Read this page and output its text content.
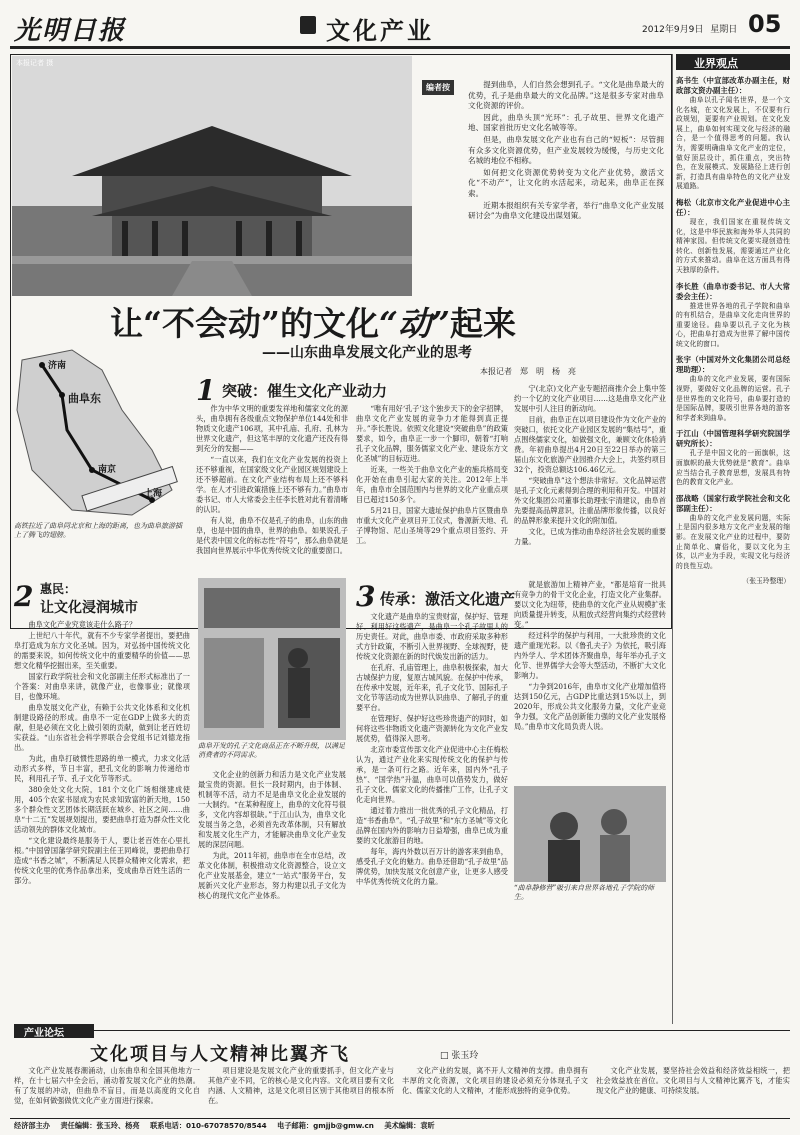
光明日报	文化产业	2012年9月9日 星期日 05
本报记者 摄
编者按	提到曲阜，人们自然会想到孔子。“文化是曲阜最大的优势，孔子是曲阜最大的文化品牌。”这是很多专家对曲阜文化资源的评价。

因此，曲阜头顶“光环”：孔子故里、世界文化遗产地、国家首批历史文化名城等等。

但是，曲阜发展文化产业也有自己的“短板”：尽管拥有众多文化资源优势，但产业发展较为缓慢，与历史文化名城的地位不相称。

如何把文化资源优势转变为文化产业优势，激活文化“不动产”，让文化的水活起来，动起来，曲阜正在探索。

近期本报组织有关专家学者，举行“曲阜文化产业发展研讨会”为曲阜文化建设出谋划策。

让“不会动”的文化“动”起来
——山东曲阜发展文化产业的思考
本报记者　郑　明　杨　亮
济南
曲阜东
南京
上海
高铁拉近了曲阜同北京和上海的距离，也为曲阜旅游插上了腾飞的翅膀。
1 突破：催生文化产业动力

作为中华文明的重要发祥地和儒家文化的源头，曲阜拥有各级重点文物保护单位144处和非物质文化遗产106项，其中孔庙、孔府、孔林为世界文化遗产，但这笔丰厚的文化遗产还没有得到充分的发掘——

“一直以来，我们在文化产业发展的投资上还不够重视，在国家级文化产业园区规划建设上还不够超前。在文化产业结构布局上还不够科学。在人才引进政策措施上还不够有力。”曲阜市委书记、市人大常委会主任李长胜对此有着清晰的认识。

有人说，曲阜不仅是孔子的曲阜，山东的曲阜，也是中国的曲阜，世界的曲阜。如果说孔子是代表中国文化的标志性“符号”，那么曲阜就是我国向世界展示中华优秀传统文化的重要窗口。

“唯有用好‘孔子’这个独步天下的金字招牌，曲阜文化产业发展的竞争力才能得到真正提升。”李长胜说。依照文化建设“突破曲阜”的政策要求，如今，曲阜正一步一个脚印，朝着“打响孔子文化品牌，服务儒家文化产业、建设东方文化圣城”的目标迈进。

近来，一些关于曲阜文化产业的施兵格局变化开始在曲阜引起大家的关注。2012年上半年，曲阜市全国范围内与世界的文化产业重点项目已超过150多个。

5月21日，国家大遗址保护曲阜片区暨曲阜市重大文化产业项目开工仪式，鲁源新天地、孔子博物馆、尼山圣境等29个重点项目签约、开工。

宁(北京)文化产业专题招商推介会上集中签约一个亿的文化产业项目……这是曲阜文化产业发展中引人注目的新动向。

目前，曲阜正在以项目建设作为文化产业的突破口，依托文化产业园区发展的“集结号”，重点围绕儒家文化，如做强文化，兼顾文化体验消费。年初曲阜提出4月20日至22日举办的第三届山东文化旅游产业园推介大会上，共签约项目32个，投资总额达106.46亿元。

“突破曲阜”这个想法非常好。文化品牌运营是孔子文化元素得到合理的利用和开发。中国对外文化集团公司董事长助理张宇清建议，曲阜首先要提高品牌意识，注重品牌形象传播，以良好的品牌形象来提升文化的附加值。

文化，已成为推动曲阜经济社会发展的重要力量。

2 惠民：
让文化浸润城市

曲阜文化产业究竟该走什么路子？

上世纪八十年代，就有不少专家学者提出，要把曲阜打造成为东方文化圣城。因为，对弘扬中国传统文化的需要来说，如何传统文化中的重要精华的价值——思想文化精华挖掘出来，至关重要。

国家行政学院社会和文化部副主任形式标准出了一个答案：对曲阜来讲，就像产业，也像事业；就像项目，也像环境。

曲阜发展文化产业，有赖于公共文化体系和文化机制建设路径的形成。曲阜不一定在GDP上做多大的贡献，但是必须在文化上做引领的贡献，做到让老百姓切实获益。“山东省社会科学界联合会党组书记刘德龙指出。

为此，曲阜打破惯性思路的单一模式，力求文化活动形式多样，节日丰富，把孔文化的影响力传递给市民，利用孔子节、孔子文化节等形式。

380余处文化大院，181个文化广场相继建成使用，405个农家书屋成为农民求知致富的新天地，150多个群众性文艺团体长期活跃在城乡、社区之间……曲阜“十二五”发展规划提出，要把曲阜打造为群众性文化活动领先的群体文化城市。

“文化建设最终是服务于人，要让老百姓在心里扎根。”中国曾国藩学研究院副主任王同峰说，要把曲阜打造成“书香之城”，不断满足人民群众精神文化需求，把传统文化里的优秀作品拿出来，变成曲阜百姓生活的一部分。

曲阜开发的孔子文化商品正在不断升级，以满足消费者的不同需求。

文化企业的创新力和活力是文化产业发展最宝贵的资源。但长一段时期内，由于体制、机制等不活，动力不足是曲阜文化企业发展的一大制约。“在某种程度上，曲阜的文化符号很多，文化内容却很缺。”于江山认为，曲阜文化发展当务之急，必须首先改革体制，只有解放和发展文化生产力，才能解决曲阜文化产业发展的深层问题。

为此，2011年初，曲阜市在全市总结，改革文化体制，积极推动文化资源整合，设立文化产业发展基金，建立“一站式”服务平台，发展新兴文化产业形态，努力构建以孔子文化为核心的现代文化产业体系。

3 传承：激活文化遗产

文化遗产是曲阜的宝贵财富，保护好、管理好、利用好这些遗产，是曲阜一个孔子故里人的历史责任。对此，曲阜市委、市政府采取多种形式方针政策，不断引入世界视野、全球视野，使传统文化资源在新的时代焕发出新的活力。

在孔府、孔庙管理上，曲阜积极探索，加大古城保护力度，复原古城风貌。在保护中传承，在传承中发展，近年来，孔子文化节、国际孔子文化节等活动成为世界认识曲阜、了解孔子的重要平台。

在管理好、保护好这些珍贵遗产的同时，如何将这些非物质文化遗产资源转化为文化产业发展优势，值得深入思考。

北京市委宣传部文化产业促进中心主任梅松认为，通过产业化来实现传统文化的保护与传承，是一条可行之路。近年来，国内外“孔子热”、“国学热”升温，曲阜可以借势发力，做好孔子文化、儒家文化的传播推广工作，让孔子文化走向世界。

通过着力推出一批优秀的孔子文化精品，打造“书香曲阜”。“孔子故里”和“东方圣城”等文化品牌在国内外的影响力日益增强，曲阜已成为重要的文化旅游目的地。

每年，海内外数以百万计的游客来到曲阜，感受孔子文化的魅力。曲阜还借助“孔子故里”品牌优势，加快发展文化创意产业，让更多人感受中华优秀传统文化的力量。

就是旅游加上精神产业，“都是培育一批具有竞争力的骨干文化企业，打造文化产业集群。要以文化为纽带，使曲阜的文化产业从规模扩张向质量提升转变，从粗放式经营向集约式经营转变。”

经过科学的保护与利用，一大批珍贵的文化遗产重现光彩。以《鲁孔夫子》为依托，吸引海内外学人、学术团体齐聚曲阜，每年举办孔子文化节、世界儒学大会等大型活动，不断扩大文化影响力。

“力争到2016年，曲阜市文化产业增加值将达到150亿元，占GDP比重达到15%以上，到2020年，形成公共文化服务力量，文化产业竞争力强，文化产品创新能力强的文化产业发展格局。”曲阜市文化局负责人说。

“曲阜静修营”吸引来自世界各地孔子学院的师生。
业界观点
高书生（中宣部改革办副主任，财政部文资办副主任）：

曲阜以孔子闻名世界，是一个文化名城，在文化发展上，不仅要有行政规划，更要有产业规划。在文化发展上，曲阜如何实现文化与经济的融合，是一个值得思考的问题。我认为，需要明确曲阜文化产业的定位，做好顶层设计，抓住重点，突出特色，在发展模式、发展路径上进行创新，打造具有曲阜特色的文化产业发展道路。

梅松（北京市文化产业促进中心主任）：

现在，我们国家在重视传统文化，这是中华民族和海外华人共同的精神家园。但传统文化要实现创造性转化、创新性发展，需要通过产业化的方式来推动。曲阜在这方面具有得天独厚的条件。

李长胜（曲阜市委书记、市人大常委会主任）：

推进世界各地的孔子学院和曲阜的有机结合，是曲阜文化走向世界的重要途径。曲阜要以孔子文化为核心，把曲阜打造成为世界了解中国传统文化的窗口。

张宇（中国对外文化集团公司总经理助理）：

曲阜的文化产业发展，要有国际视野，要做好文化品牌的运营。孔子是世界性的文化符号，曲阜要打造的是国际品牌，要吸引世界各地的游客和学者来到曲阜。

于江山（中国管理科学研究院国学研究所长）：

孔子是中国文化的一面旗帜，这面旗帜的最大优势就是“教育”。曲阜应当结合孔子教育思想，发展具有特色的教育文化产业。

邵战略（国家行政学院社会和文化部副主任）：

曲阜的文化产业发展问题，实际上是国内很多地方文化产业发展的缩影。在发展文化产业的过程中，要防止简单化、庸俗化，要以文化为主体，以产业为手段，实现文化与经济的良性互动。

（张玉玲整理）
产业论坛
文化项目与人文精神比翼齐飞	□ 张玉玲
文化产业发展春潮涌动，山东曲阜和全国其他地方一样，在十七届六中全会后，涌动着发展文化产业的热潮。有了发展的冲动，但曲阜不盲目，而是以高度的文化自觉，在如何做强做优文化产业方面进行探索。
项目建设是发展文化产业的重要抓手，但文化产业与其他产业不同，它的核心是文化内容。文化项目要有文化内涵、人文精神，这是文化项目区别于其他项目的根本所在。
文化产业的发展，离不开人文精神的支撑。曲阜拥有丰厚的文化资源，文化项目的建设必须充分体现孔子文化、儒家文化的人文精神，才能形成独特的竞争优势。
文化产业发展，要坚持社会效益和经济效益相统一，把社会效益放在首位。文化项目与人文精神比翼齐飞，才能实现文化产业的健康、可持续发展。
经济部主办 责任编辑：张玉玲、杨亮 联系电话：010-67078570/8544 电子邮箱：gmjjb@gmw.cn 美术编辑：袁昕
